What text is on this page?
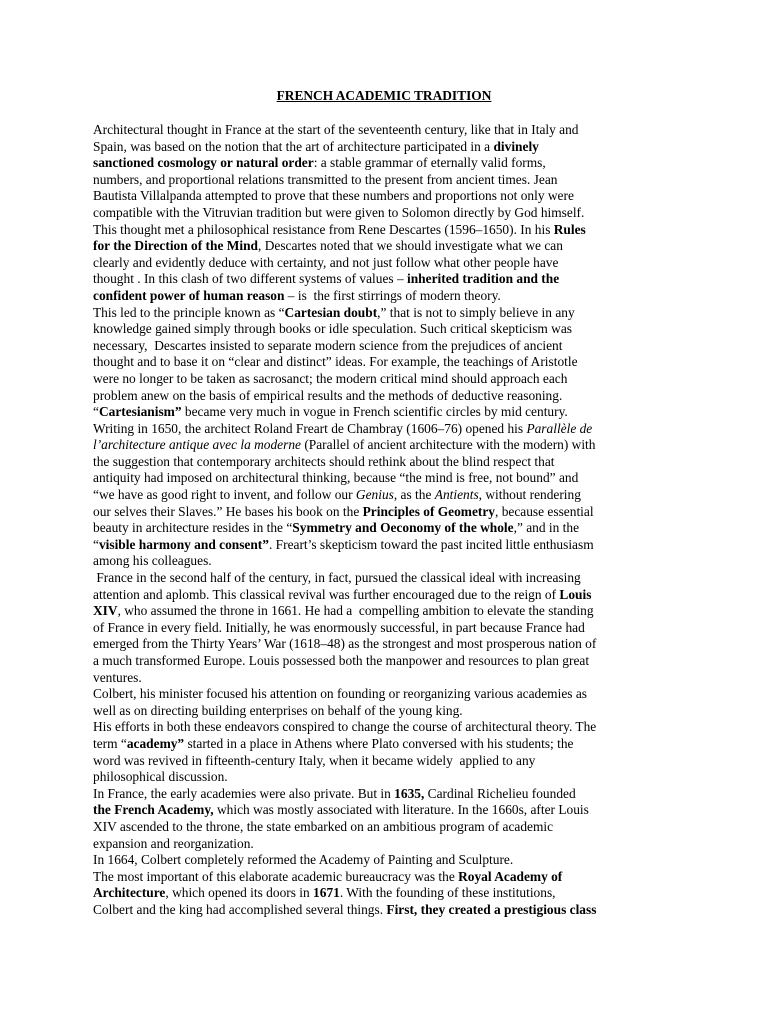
FRENCH ACADEMIC TRADITION
Architectural thought in France at the start of the seventeenth century, like that in Italy and
Spain, was based on the notion that the art of architecture participated in a divinely
sanctioned cosmology or natural order: a stable grammar of eternally valid forms,
numbers, and proportional relations transmitted to the present from ancient times. Jean
Bautista Villalpanda attempted to prove that these numbers and proportions not only were
compatible with the Vitruvian tradition but were given to Solomon directly by God himself.
This thought met a philosophical resistance from Rene Descartes (1596–1650). In his Rules
for the Direction of the Mind, Descartes noted that we should investigate what we can
clearly and evidently deduce with certainty, and not just follow what other people have
thought . In this clash of two different systems of values – inherited tradition and the
confident power of human reason – is  the first stirrings of modern theory.
This led to the principle known as “Cartesian doubt,” that is not to simply believe in any
knowledge gained simply through books or idle speculation. Such critical skepticism was
necessary,  Descartes insisted to separate modern science from the prejudices of ancient
thought and to base it on “clear and distinct” ideas. For example, the teachings of Aristotle
were no longer to be taken as sacrosanct; the modern critical mind should approach each
problem anew on the basis of empirical results and the methods of deductive reasoning.
“Cartesianism” became very much in vogue in French scientific circles by mid century.
Writing in 1650, the architect Roland Freart de Chambray (1606–76) opened his Parallèle de
l’architecture antique avec la moderne (Parallel of ancient architecture with the modern) with
the suggestion that contemporary architects should rethink about the blind respect that
antiquity had imposed on architectural thinking, because “the mind is free, not bound” and
“we have as good right to invent, and follow our Genius, as the Antients, without rendering
our selves their Slaves.” He bases his book on the Principles of Geometry, because essential
beauty in architecture resides in the “Symmetry and Oeconomy of the whole,” and in the
“visible harmony and consent”. Freart’s skepticism toward the past incited little enthusiasm
among his colleagues.
France in the second half of the century, in fact, pursued the classical ideal with increasing
attention and aplomb. This classical revival was further encouraged due to the reign of Louis
XIV, who assumed the throne in 1661. He had a  compelling ambition to elevate the standing
of France in every field. Initially, he was enormously successful, in part because France had
emerged from the Thirty Years’ War (1618–48) as the strongest and most prosperous nation of
a much transformed Europe. Louis possessed both the manpower and resources to plan great
ventures.
Colbert, his minister focused his attention on founding or reorganizing various academies as
well as on directing building enterprises on behalf of the young king.
His efforts in both these endeavors conspired to change the course of architectural theory. The
term “academy” started in a place in Athens where Plato conversed with his students; the
word was revived in fifteenth-century Italy, when it became widely  applied to any
philosophical discussion.
In France, the early academies were also private. But in 1635, Cardinal Richelieu founded
the French Academy, which was mostly associated with literature. In the 1660s, after Louis
XIV ascended to the throne, the state embarked on an ambitious program of academic
expansion and reorganization.
In 1664, Colbert completely reformed the Academy of Painting and Sculpture.
The most important of this elaborate academic bureaucracy was the Royal Academy of
Architecture, which opened its doors in 1671. With the founding of these institutions,
Colbert and the king had accomplished several things. First, they created a prestigious class
